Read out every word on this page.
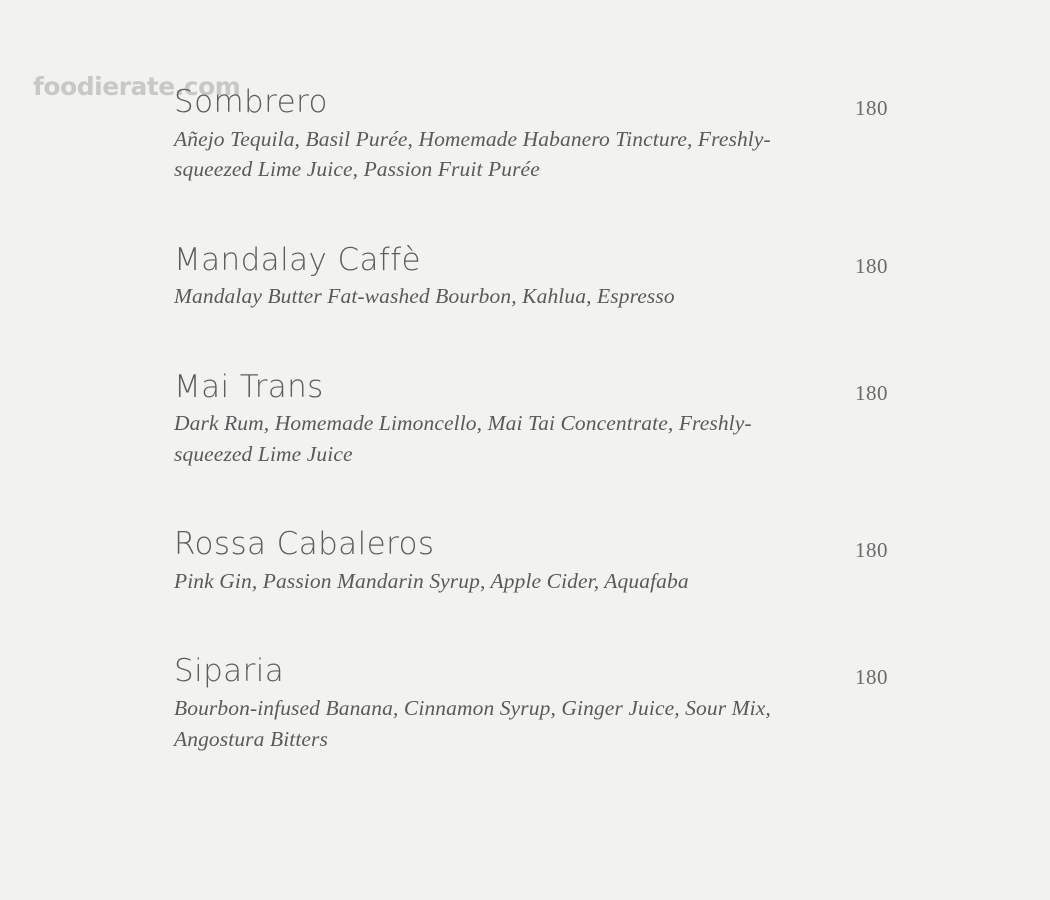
foodierate.com
Sombrero

Añejo Tequila, Basil Purée, Homemade Habanero Tincture, Freshly-squeezed Lime Juice, Passion Fruit Purée

180
Mandalay Caffè

Mandalay Butter Fat-washed Bourbon, Kahlua, Espresso

180
Mai Trans

Dark Rum, Homemade Limoncello, Mai Tai Concentrate, Freshly-squeezed Lime Juice

180
Rossa Cabaleros

Pink Gin, Passion Mandarin Syrup, Apple Cider, Aquafaba

180
Siparia

Bourbon-infused Banana, Cinnamon Syrup, Ginger Juice, Sour Mix, Angostura Bitters

180
